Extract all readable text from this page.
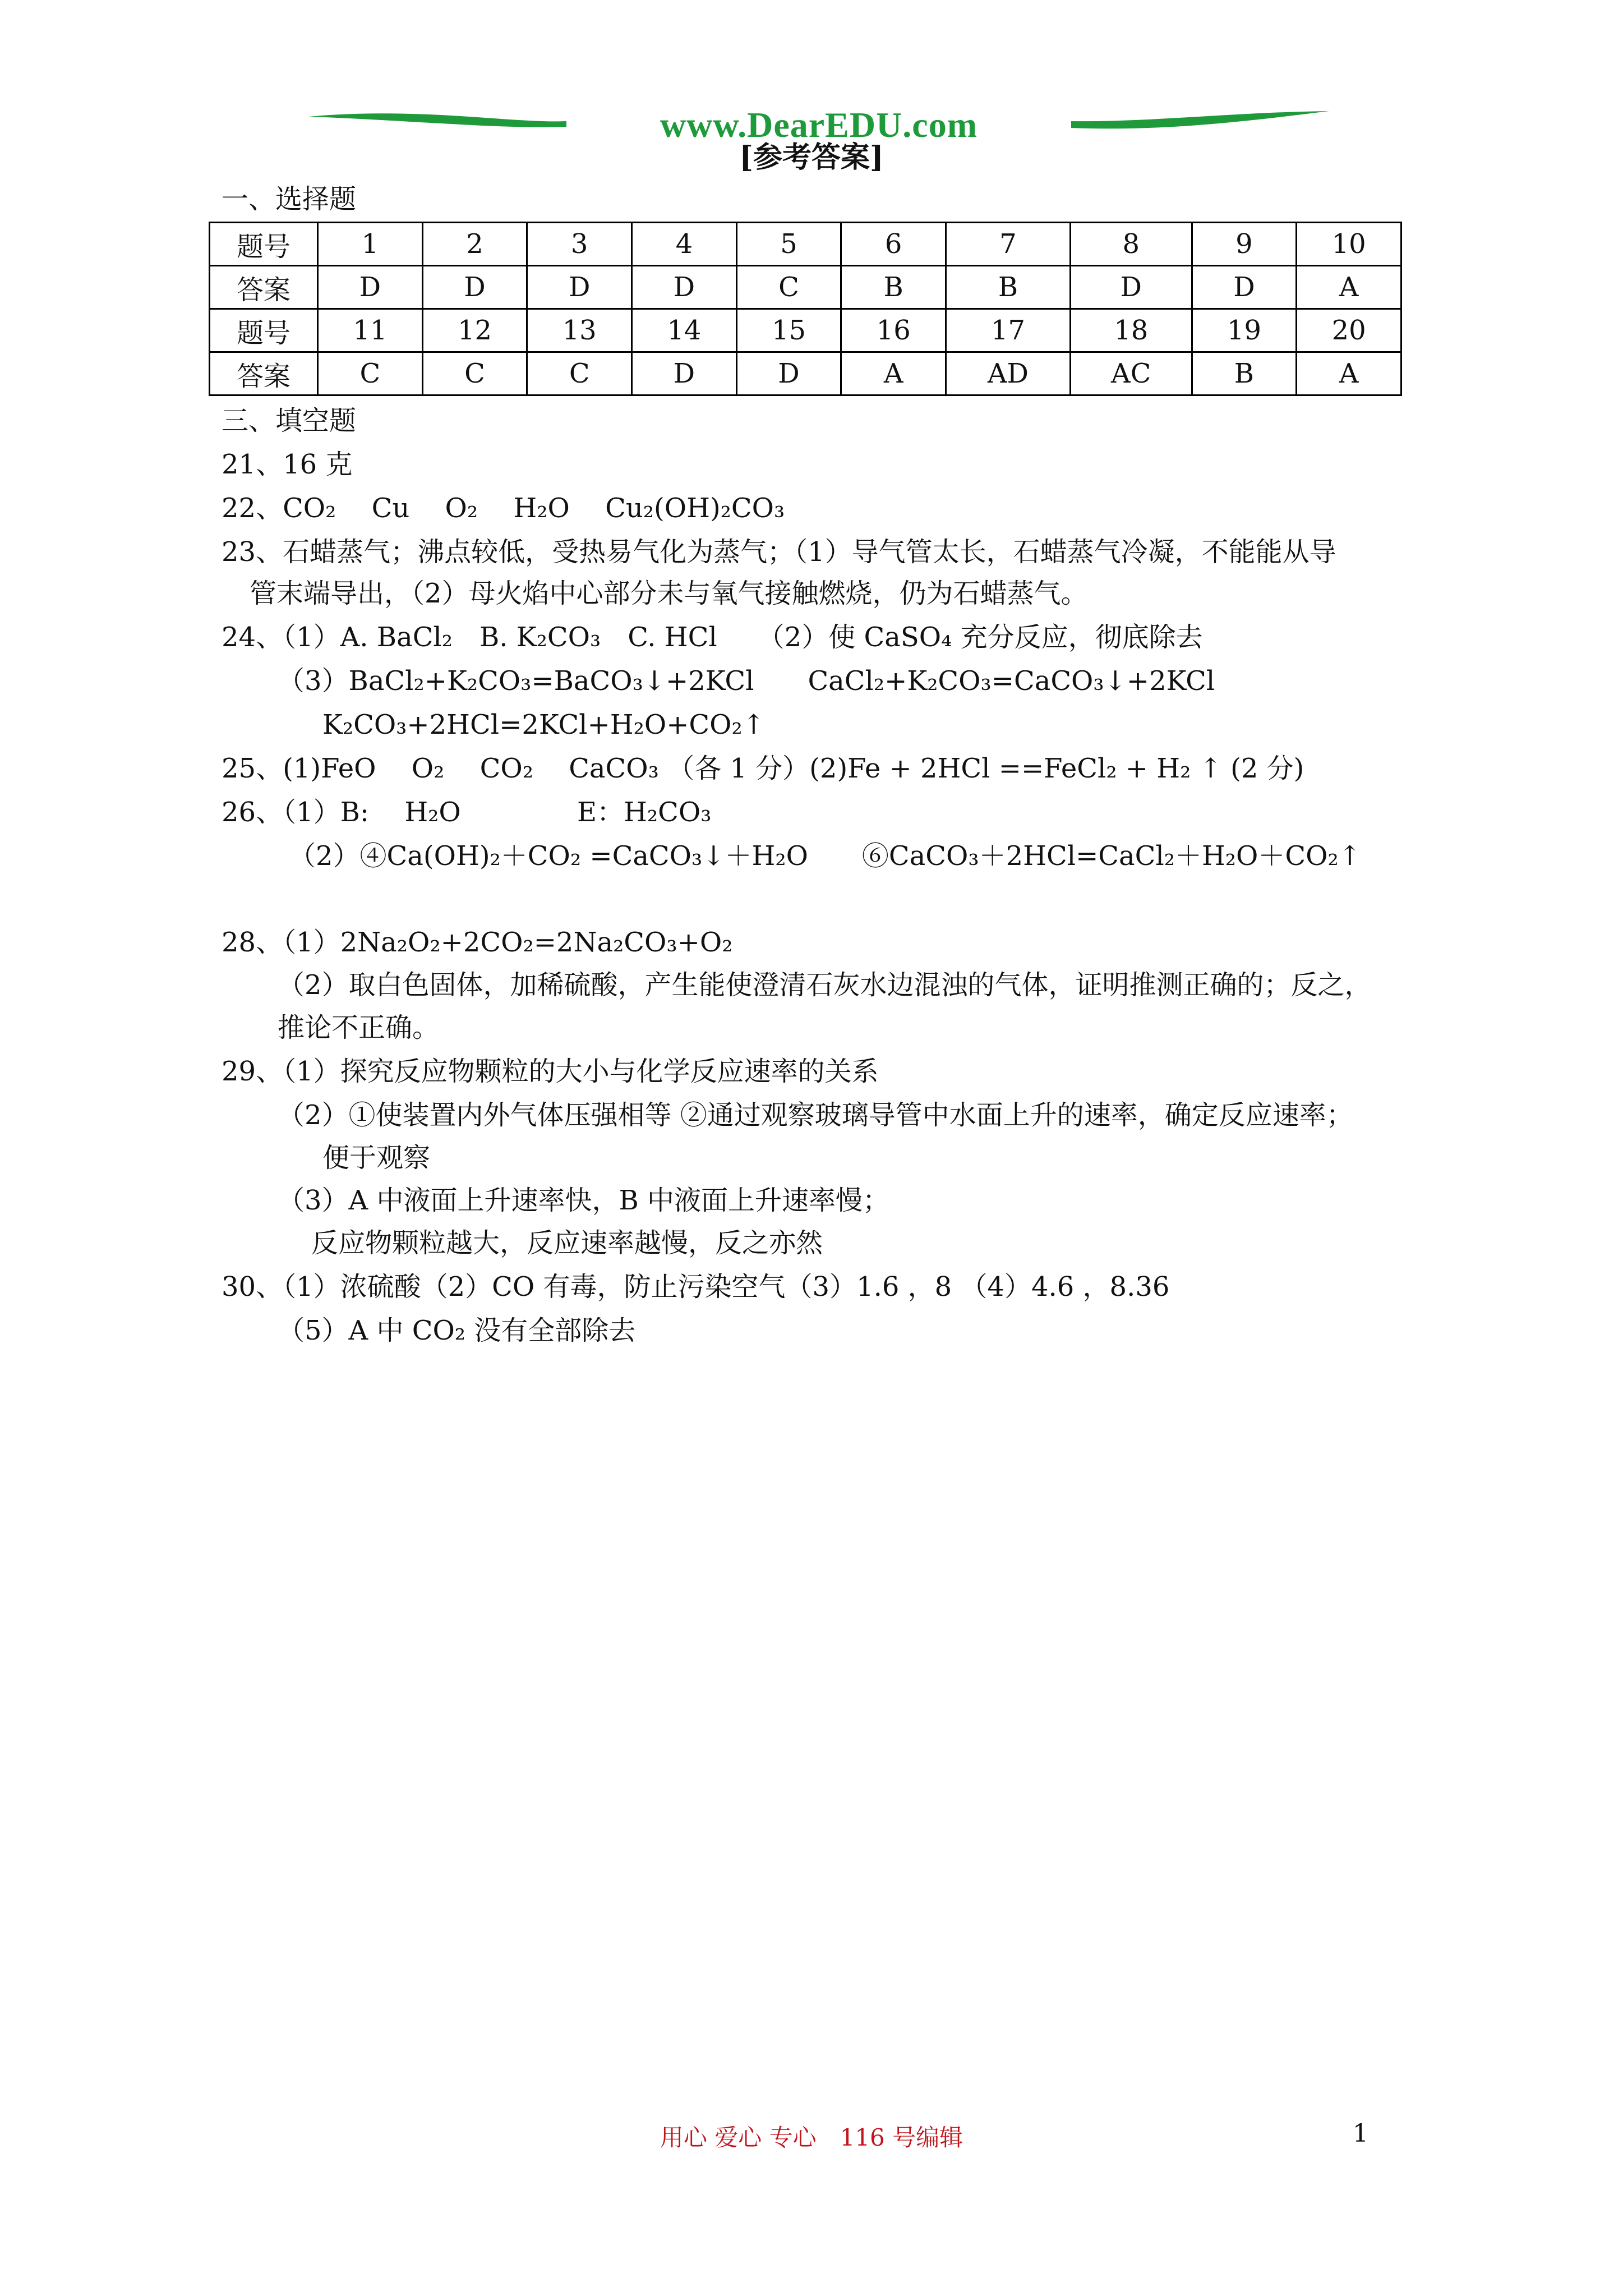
www.DearEDU.com
[参考答案]
一、选择题
题号	1	2	3	4	5	6	7	8	9	10
答案	D	D	D	D	C	B	B	D	D	A
题号	11	12	13	14	15	16	17	18	19	20
答案	C	C	C	D	D	A	AD	AC	B	A
三、填空题
21、16 克
22、CO₂　 Cu　 O₂　 H₂O　 Cu₂(OH)₂CO₃
23、石蜡蒸气；沸点较低，受热易气化为蒸气；（1）导气管太长，石蜡蒸气冷凝，不能能从导
管末端导出，（2）母火焰中心部分未与氧气接触燃烧，仍为石蜡蒸气。
24、（1）A. BaCl₂　B. K₂CO₃　C. HCl　　（2）使 CaSO₄ 充分反应，彻底除去
（3）BaCl₂+K₂CO₃=BaCO₃↓+2KCl　　CaCl₂+K₂CO₃=CaCO₃↓+2KCl
K₂CO₃+2HCl=2KCl+H₂O+CO₂↑
25、(1)FeO　 O₂　 CO₂　 CaCO₃ （各 1 分）(2)Fe + 2HCl ==FeCl₂ + H₂ ↑ (2 分)
26、（1）B:　 H₂O　　　　 E：H₂CO₃
（2）④Ca(OH)₂＋CO₂ =CaCO₃↓＋H₂O　　⑥CaCO₃＋2HCl=CaCl₂＋H₂O＋CO₂↑
28、（1）2Na₂O₂+2CO₂=2Na₂CO₃+O₂
（2）取白色固体，加稀硫酸，产生能使澄清石灰水边混浊的气体，证明推测正确的；反之，
推论不正确。
29、（1）探究反应物颗粒的大小与化学反应速率的关系
（2）①使装置内外气体压强相等 ②通过观察玻璃导管中水面上升的速率，确定反应速率；
便于观察
（3）A 中液面上升速率快，B 中液面上升速率慢；
反应物颗粒越大，反应速率越慢，反之亦然
30、（1）浓硫酸（2）CO 有毒，防止污染空气（3）1.6 ，8 （4）4.6 ，8.36
（5）A 中 CO₂ 没有全部除去
用心 爱心 专心　116 号编辑	1
